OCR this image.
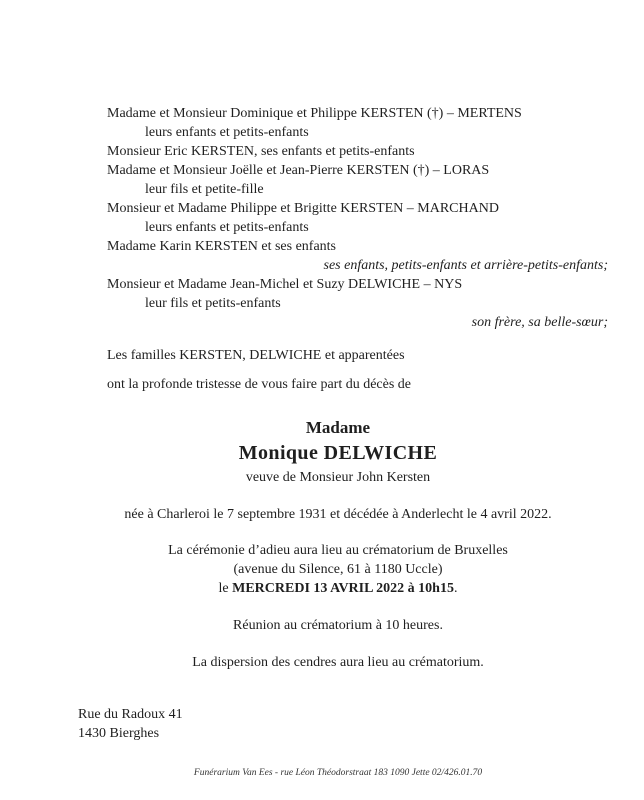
Madame et Monsieur Dominique et Philippe KERSTEN (†) – MERTENS
leurs enfants et petits-enfants
Monsieur Eric KERSTEN, ses enfants et petits-enfants
Madame et Monsieur Joëlle et Jean-Pierre KERSTEN (†) – LORAS
leur fils et petite-fille
Monsieur et Madame Philippe et Brigitte KERSTEN – MARCHAND
leurs enfants et petits-enfants
Madame Karin KERSTEN et ses enfants
ses enfants, petits-enfants et arrière-petits-enfants;
Monsieur et Madame Jean-Michel et Suzy DELWICHE – NYS
leur fils et petits-enfants
son frère, sa belle-sœur;
Les familles KERSTEN, DELWICHE et apparentées
ont la profonde tristesse de vous faire part du décès de
Madame
Monique DELWICHE
veuve de Monsieur John Kersten
née à Charleroi le 7 septembre 1931 et décédée à Anderlecht le 4 avril 2022.
La cérémonie d’adieu aura lieu au crématorium de Bruxelles
(avenue du Silence, 61 à 1180 Uccle)
le MERCREDI 13 AVRIL 2022 à 10h15.
Réunion au crématorium à 10 heures.
La dispersion des cendres aura lieu au crématorium.
Rue du Radoux 41
1430 Bierghes
Funérarium Van Ees - rue Léon Théodorstraat 183 1090 Jette 02/426.01.70
